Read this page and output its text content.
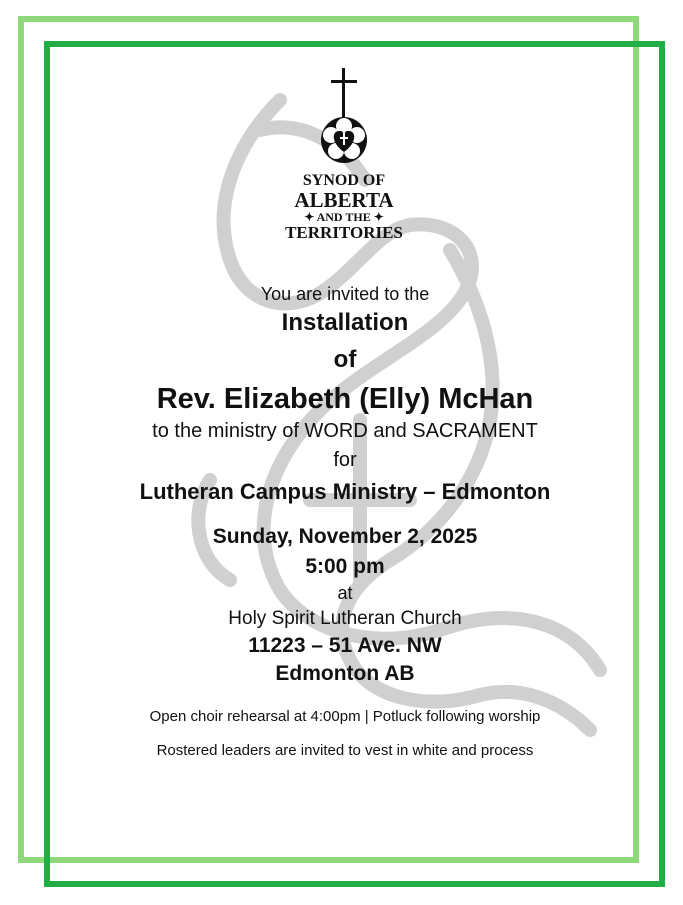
SYNOD OF
ALBERTA
✦ AND THE ✦
TERRITORIES
You are invited to the
Installation
of
Rev. Elizabeth (Elly) McHan
to the ministry of WORD and SACRAMENT
for
Lutheran Campus Ministry – Edmonton
Sunday, November 2, 2025
5:00 pm
at
Holy Spirit Lutheran Church
11223 – 51 Ave. NW
Edmonton AB
Open choir rehearsal at 4:00pm | Potluck following worship
Rostered leaders are invited to vest in white and process
